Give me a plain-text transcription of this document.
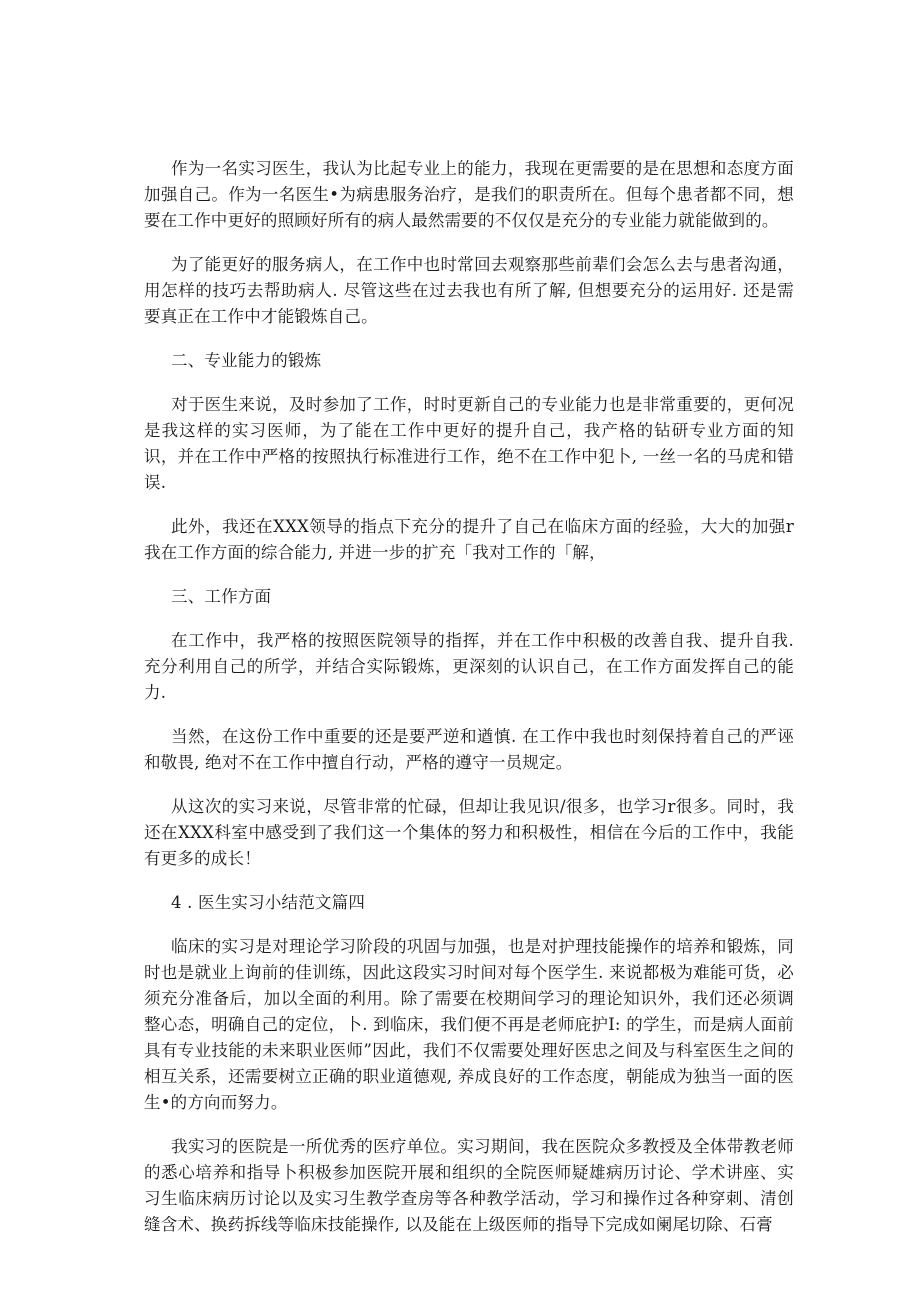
作为一名实习医生，我认为比起专业上的能力，我现在更需要的是在思想和态度方面加强自己。作为一名医生•为病患服务治疗，是我们的职责所在。但每个患者都不同，想要在工作中更好的照顾好所有的病人最然需要的不仅仅是充分的专业能力就能做到的。

为了能更好的服务病人，在工作中也时常回去观察那些前辈们会怎么去与患者沟通，用怎样的技巧去帮助病人. 尽管这些在过去我也有所了解, 但想要充分的运用好. 还是需要真正在工作中才能锻炼自己。

二、专业能力的锻炼

对于医生来说，及时参加了工作，时时更新自己的专业能力也是非常重要的，更何况是我这样的实习医师，为了能在工作中更好的提升自己，我产格的钻研专业方面的知识，并在工作中严格的按照执行标准进行工作，绝不在工作中犯卜, 一丝一名的马虎和错误.

此外，我还在XXX领导的指点下充分的提升了自己在临床方面的经验，大大的加强r我在工作方面的综合能力, 并进一步的扩充「我对工作的「解，

三、工作方面

在工作中，我严格的按照医院领导的指挥，并在工作中积极的改善自我、提升自我. 充分利用自己的所学，并结合实际锻炼，更深刻的认识自己，在工作方面发挥自己的能力.

当然，在这份工作中重要的还是要严逆和遒慎. 在工作中我也时刻保持着自己的严诬和敬畏, 绝对不在工作中擅自行动，严格的遵守一员规定。

从这次的实习来说，尽管非常的忙碌，但却让我见识/很多，也学习r很多。同时，我还在XXX科室中感受到了我们这一个集体的努力和积极性，相信在今后的工作中，我能有更多的成长！

4 . 医生实习小结范文篇四

临床的实习是对理论学习阶段的巩固与加强，也是对护理技能操作的培养和锻炼，同时也是就业上询前的佳训练，因此这段实习时间对每个医学生. 来说都极为难能可货，必须充分准备后，加以全面的利用。除了需要在校期间学习的理论知识外，我们还必须调整心态，明确自己的定位，卜. 到临床，我们便不再是老师庇护I: 的学生，而是病人面前具有专业技能的未来职业医师”因此，我们不仅需要处理好医忠之间及与科室医生之间的相互关系，还需要树立正确的职业道德观, 养成良好的工作态度，朝能成为独当一面的医生•的方向而努力。

我实习的医院是一所优秀的医疗单位。实习期间，我在医院众多教授及全体带教老师的悉心培养和指导卜积极参加医院开展和组织的全院医师疑雄病历讨论、学术讲座、实习生临床病历讨论以及实习生教学查房等各种教学活动，学习和操作过各种穿刺、清创缝含术、换药拆线等临床技能操作, 以及能在上级医师的指导下完成如阑尾切除、石膏
